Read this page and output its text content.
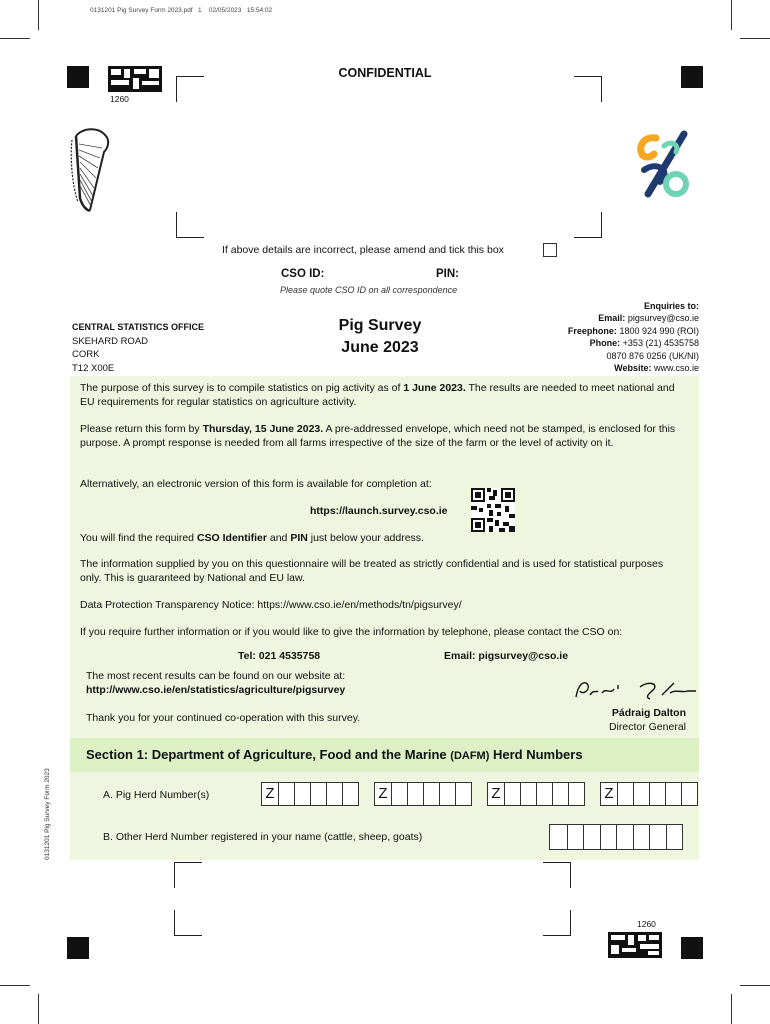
0131201 Pig Survey Form 2023.pdf   1    02/05/2023   15:54:02
1260
CONFIDENTIAL
If above details are incorrect, please amend and tick this box
CSO ID:	PIN:
Please quote CSO ID on all correspondence
CENTRAL STATISTICS OFFICE
SKEHARD ROAD
CORK
T12 X00E
Pig Survey
June 2023
Enquiries to:
Email: pigsurvey@cso.ie
Freephone: 1800 924 990 (ROI)
Phone: +353 (21) 4535758
0870 876 0256 (UK/NI)
Website: www.cso.ie
The purpose of this survey is to compile statistics on pig activity as of 1 June 2023. The results are needed to meet national and EU requirements for regular statistics on agriculture activity.
Please return this form by Thursday, 15 June 2023. A pre-addressed envelope, which need not be stamped, is enclosed for this purpose. A prompt response is needed from all farms irrespective of the size of the farm or the level of activity on it.
Alternatively, an electronic version of this form is available for completion at:
https://launch.survey.cso.ie
You will find the required CSO Identifier and PIN just below your address.
The information supplied by you on this questionnaire will be treated as strictly confidential and is used for statistical purposes only. This is guaranteed by National and EU law.
Data Protection Transparency Notice: https://www.cso.ie/en/methods/tn/pigsurvey/
If you require further information or if you would like to give the information by telephone, please contact the CSO on:
Tel: 021 4535758	Email: pigsurvey@cso.ie
The most recent results can be found on our website at:
http://www.cso.ie/en/statistics/agriculture/pigsurvey
Thank you for your continued co-operation with this survey.	Pádraig Dalton
Director General
Section 1: Department of Agriculture, Food and the Marine (DAFM) Herd Numbers
A. Pig Herd Number(s)	Z	Z	Z	Z
B. Other Herd Number registered in your name (cattle, sheep, goats)
0131201 Pig Survey Form 2023
1260
